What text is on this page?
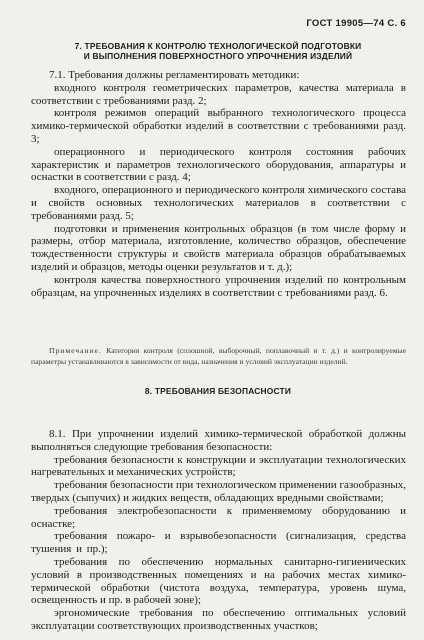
ГОСТ 19905—74 С. 6
7. ТРЕБОВАНИЯ К КОНТРОЛЮ ТЕХНОЛОГИЧЕСКОЙ ПОДГОТОВКИ
И ВЫПОЛНЕНИЯ ПОВЕРХНОСТНОГО УПРОЧНЕНИЯ ИЗДЕЛИЙ

7.1. Требования должны регламентировать методики:

входного контроля геометрических параметров, качества материала в соответствии с требованиями разд. 2;

контроля режимов операций выбранного технологического процесса химико-термической обработки изделий в соответствии с требованиями разд. 3;

операционного и периодического контроля состояния рабочих характеристик и параметров технологического оборудования, аппаратуры и оснастки в соответствии с разд. 4;

входного, операционного и периодического контроля химического состава и свойств основных технологических материалов в соответствии с требованиями разд. 5;

подготовки и применения контрольных образцов (в том числе форму и размеры, отбор материала, изготовление, количество образцов, обеспечение тождественности структуры и свойств материала образцов обрабатываемых изделий и образцов, методы оценки результатов и т. д.);

контроля качества поверхностного упрочнения изделий по контрольным образцам, на упрочненных изделиях в соответствии с требованиями разд. 6.

Примечание. Категория контроля (сплошной, выборочный, поплавочный и т. д.) и контролируемые параметры устанавливаются в зависимости от вида, назначения и условий эксплуатации изделий.

8. ТРЕБОВАНИЯ БЕЗОПАСНОСТИ

8.1. При упрочнении изделий химико-термической обработкой должны выполняться следующие требования безопасности:

требования безопасности к конструкции и эксплуатации технологических нагревательных и механических устройств;

требования безопасности при технологическом применении газообразных, твердых (сыпучих) и жидких веществ, обладающих вредными свойствами;

требования электробезопасности к применяемому оборудованию и оснастке;

требования пожаро- и взрывобезопасности (сигнализация, средства тушения и пр.);

требования по обеспечению нормальных санитарно-гигиенических условий в производственных помещениях и на рабочих местах химико-термической обработки (чистота воздуха, температура, уровень шума, освещенность и пр. в рабочей зоне);

эргономические требования по обеспечению оптимальных условий эксплуатации соответствующих производственных участков;
